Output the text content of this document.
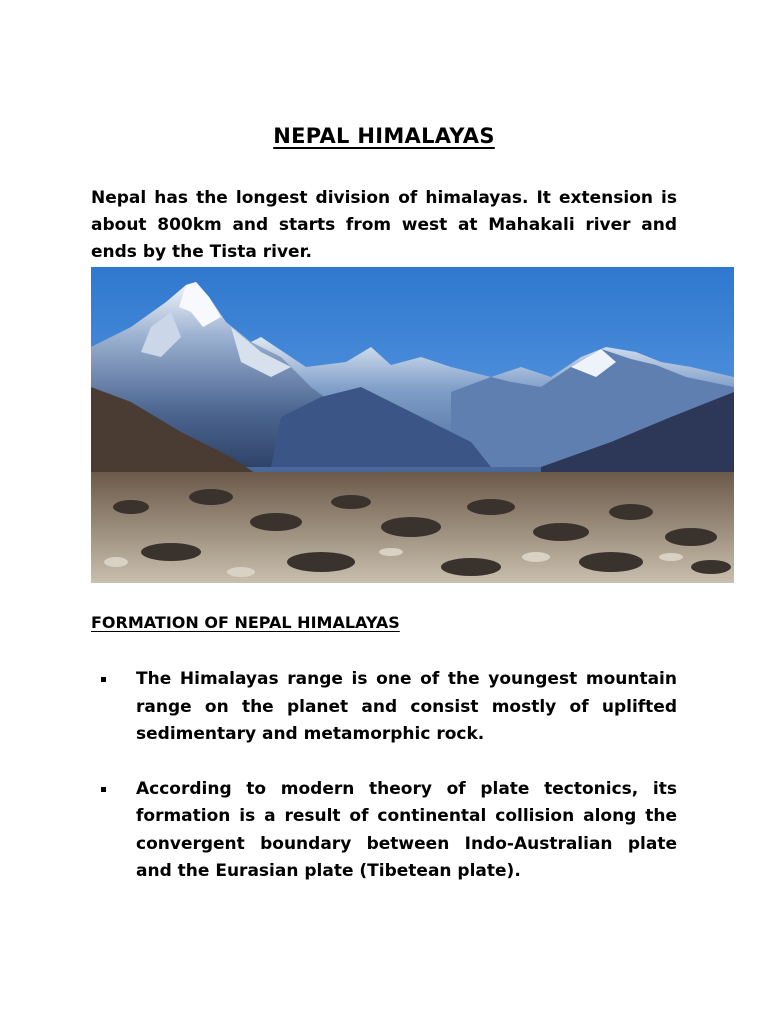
NEPAL HIMALAYAS

Nepal has the longest division of himalayas. It extension is about 800km and starts from west at Mahakali river and ends by the Tista river.

FORMATION OF NEPAL HIMALAYAS
The Himalayas range is one of the youngest mountain range on the planet and consist mostly of uplifted sedimentary and metamorphic rock.
According to modern theory of plate tectonics, its formation is a result of continental collision along the convergent boundary between Indo-Australian plate and the Eurasian plate (Tibetean plate).
